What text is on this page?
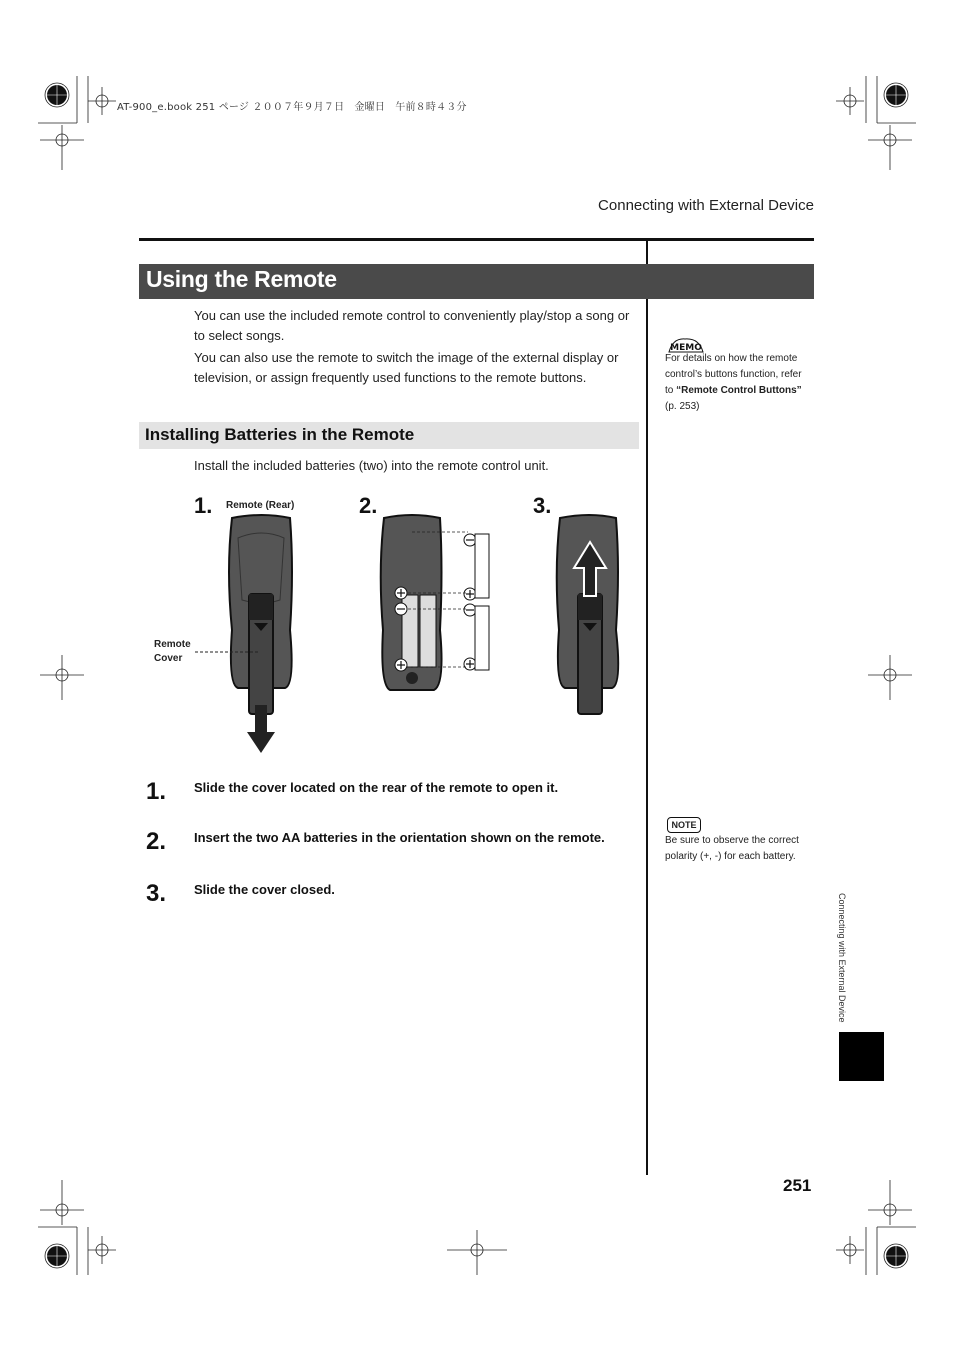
AT-900_e.book 251 ページ ２００７年９月７日　金曜日　午前８時４３分
Connecting with External Device
Using the Remote
You can use the included remote control to conveniently play/stop a song or to select songs.
You can also use the remote to switch the image of the external display or television, or assign frequently used functions to the remote buttons.
Installing Batteries in the Remote
Install the included batteries (two) into the remote control unit.
1.	2.	3.
Remote (Rear)
Remote
Cover
1. Slide the cover located on the rear of the remote to open it.
2. Insert the two AA batteries in the orientation shown on the remote.
3. Slide the cover closed.
MEMO
For details on how the remote control’s buttons function, refer to “Remote Control Buttons” (p. 253)
NOTE
Be sure to observe the correct polarity (+, -) for each battery.
Connecting with External Device
251
